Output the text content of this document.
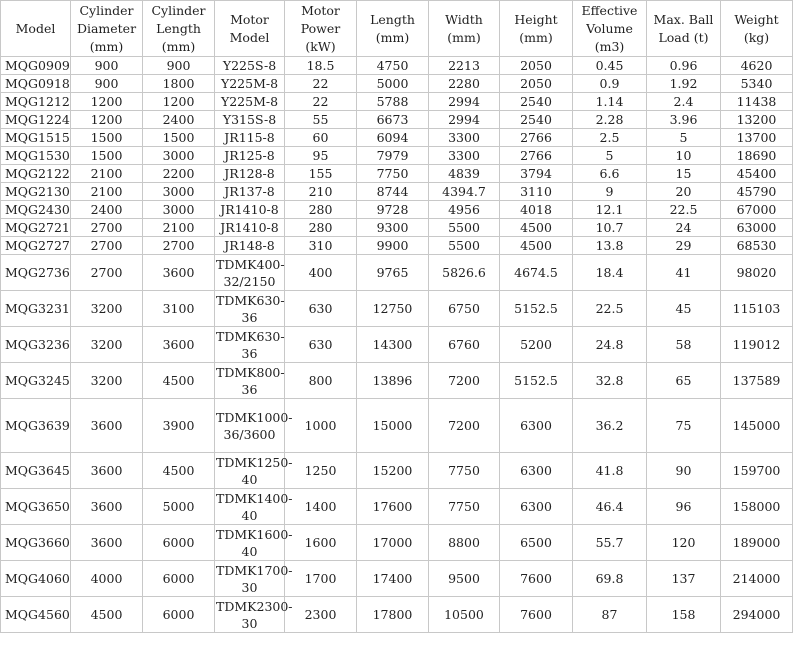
Model	Cylinder Diameter (mm)	Cylinder Length (mm)	Motor Model	Motor Power (kW)	Length (mm)	Width (mm)	Height (mm)	Effective Volume (m3)	Max. Ball Load (t)	Weight (kg)
MQG0909	900	900	Y225S-8	18.5	4750	2213	2050	0.45	0.96	4620
MQG0918	900	1800	Y225M-8	22	5000	2280	2050	0.9	1.92	5340
MQG1212	1200	1200	Y225M-8	22	5788	2994	2540	1.14	2.4	11438
MQG1224	1200	2400	Y315S-8	55	6673	2994	2540	2.28	3.96	13200
MQG1515	1500	1500	JR115-8	60	6094	3300	2766	2.5	5	13700
MQG1530	1500	3000	JR125-8	95	7979	3300	2766	5	10	18690
MQG2122	2100	2200	JR128-8	155	7750	4839	3794	6.6	15	45400
MQG2130	2100	3000	JR137-8	210	8744	4394.7	3110	9	20	45790
MQG2430	2400	3000	JR1410-8	280	9728	4956	4018	12.1	22.5	67000
MQG2721	2700	2100	JR1410-8	280	9300	5500	4500	10.7	24	63000
MQG2727	2700	2700	JR148-8	310	9900	5500	4500	13.8	29	68530
MQG2736	2700	3600	TDMK400-32/2150	400	9765	5826.6	4674.5	18.4	41	98020
MQG3231	3200	3100	TDMK630-36	630	12750	6750	5152.5	22.5	45	115103
MQG3236	3200	3600	TDMK630-36	630	14300	6760	5200	24.8	58	119012
MQG3245	3200	4500	TDMK800-36	800	13896	7200	5152.5	32.8	65	137589
MQG3639	3600	3900	TDMK1000-36/3600	1000	15000	7200	6300	36.2	75	145000
MQG3645	3600	4500	TDMK1250-40	1250	15200	7750	6300	41.8	90	159700
MQG3650	3600	5000	TDMK1400-40	1400	17600	7750	6300	46.4	96	158000
MQG3660	3600	6000	TDMK1600-40	1600	17000	8800	6500	55.7	120	189000
MQG4060	4000	6000	TDMK1700-30	1700	17400	9500	7600	69.8	137	214000
MQG4560	4500	6000	TDMK2300-30	2300	17800	10500	7600	87	158	294000
